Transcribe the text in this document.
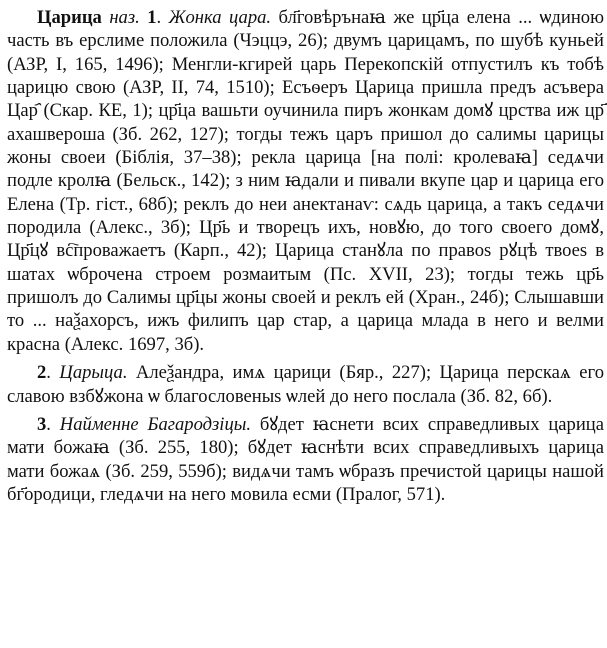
Царица наз. 1. Жонка цара. бл҃говѣрънаꙗ же цр҃ца елена ... ѡдиною часть въ ерслиме положила (Чэццэ, 26); двумъ царицамъ, по шубѣ куньей (АЗР, I, 165, 1496); Менгли-кгирей царь Перекопскій отпустилъ къ тобѣ царицю свою (АЗР, II, 74, 1510); Есъѳеръ Царица пришла предъ асъвера Цар҄ (Скар. КЕ, 1); цр҃ца вашьти оучинила пиръ жонкам домꙋ црства иж цр҃ ахашвероша (Зб. 262, 127); тогды тежъ царъ пришол до салимы царицы жоны своеи (Біблія, 37–38); рекла царица [на полі: кролеваꙗ] седѧчи подле кролꙗ (Бельск., 142); з ним ꙗдали и пивали вкупе цар и царица его Елена (Тр. гіст., 68б); реклъ до неи анектанаѵ: сѧдь царица, а такъ седѧчи породила (Алекс., 3б); Цр҃ь и творецъ ихъ, новꙋю, до того своего домꙋ, Цр҃цꙋ вс҇проважаетъ (Карп., 42); Царица станꙋла по правоѕ рꙋцѣ твоеѕ в шатах ѡброчена строем розмаитым (Пс. XVII, 23); тогды тежь цр҃ь пришолъ до Салимы цр҃цы жоны своей и реклъ ей (Хран., 24б); Слышавши то ... наѯахорсъ, ижъ филипъ цар стар, а царица млада в него и велми красна (Алекс. 1697, 3б).

2. Царыца. Алеѯандра, имѧ царици (Бяр., 227); Царица перскаѧ его славою взбꙋжона ѡ благословеныѕ ѡлей до него послала (Зб. 82, 6б).

3. Найменне Багародзіцы. бꙋдет ꙗснети всих справедливых царица мати божаꙗ (Зб. 255, 180); бꙋдет ꙗснѣти всих справедливыхъ царица мати божаѧ (Зб. 259, 559б); видѧчи тамъ ѡбразъ пречистой царицы нашой бг҃ородици, гледѧчи на него мовила есми (Пралог, 571).
